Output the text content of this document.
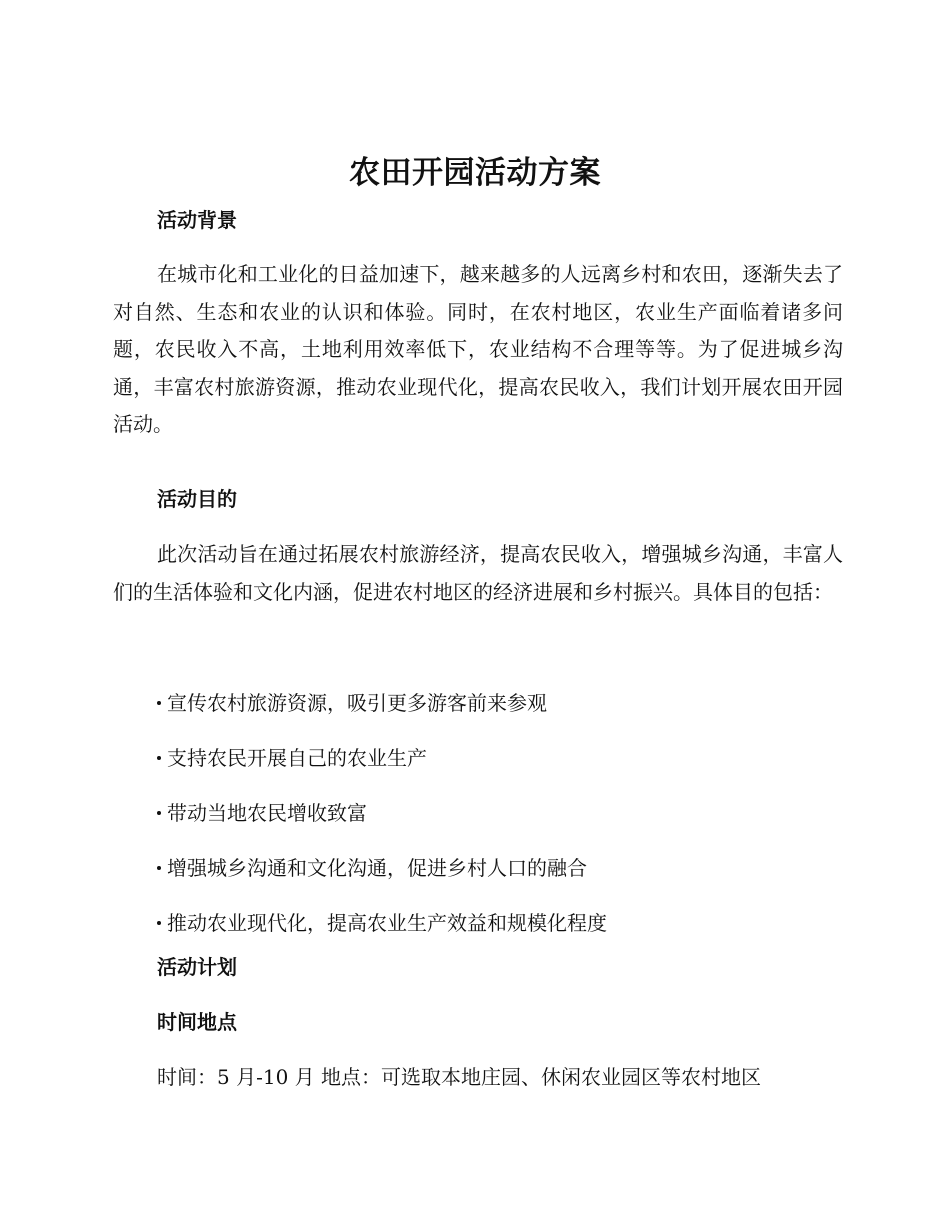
农田开园活动方案
活动背景

在城市化和工业化的日益加速下，越来越多的人远离乡村和农田，逐渐失去了对自然、生态和农业的认识和体验。同时，在农村地区，农业生产面临着诸多问题，农民收入不高，土地利用效率低下，农业结构不合理等等。为了促进城乡沟通，丰富农村旅游资源，推动农业现代化，提高农民收入，我们计划开展农田开园活动。

活动目的

此次活动旨在通过拓展农村旅游经济，提高农民收入，增强城乡沟通，丰富人们的生活体验和文化内涵，促进农村地区的经济进展和乡村振兴。具体目的包括：

宣传农村旅游资源，吸引更多游客前来参观
支持农民开展自己的农业生产
带动当地农民增收致富
增强城乡沟通和文化沟通，促进乡村人口的融合
推动农业现代化，提高农业生产效益和规模化程度
活动计划
时间地点

时间：5 月-10 月 地点：可选取本地庄园、休闲农业园区等农村地区
